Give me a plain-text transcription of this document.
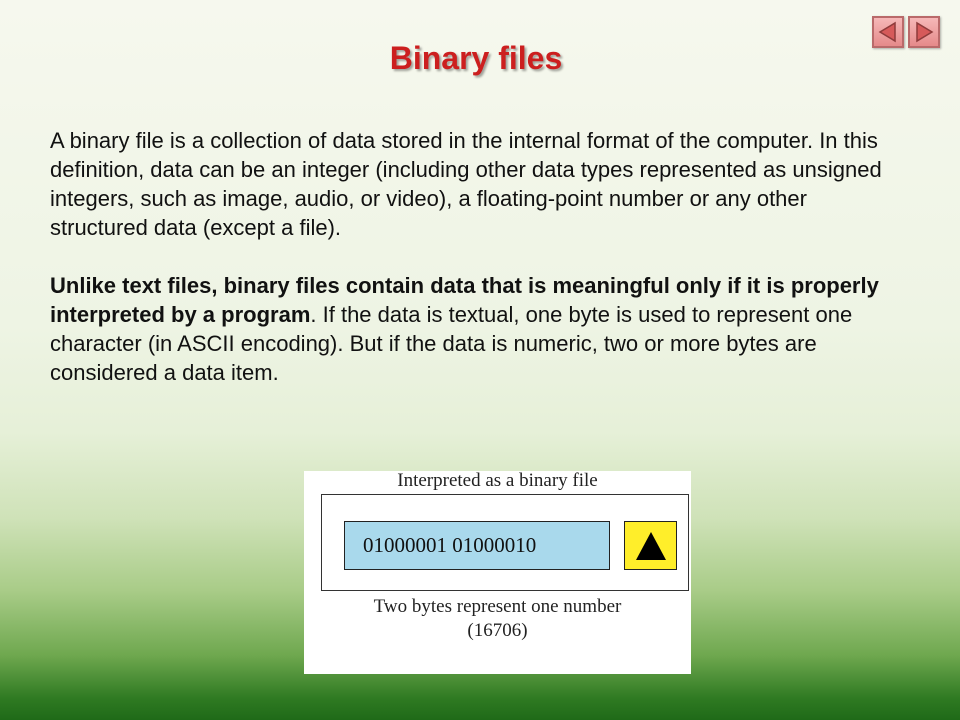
Binary files

A binary file is a collection of data stored in the internal format of the computer. In this definition, data can be an integer (including other data types represented as unsigned integers, such as image, audio, or video), a floating-point number or any other structured data (except a file).

Unlike text files, binary files contain data that is meaningful only if it is properly interpreted by a program. If the data is textual, one byte is used to represent one character (in ASCII encoding). But if the data is numeric, two or more bytes are considered a data item.

Interpreted as a binary file
01000001 01000010
Two bytes represent one number
(16706)
